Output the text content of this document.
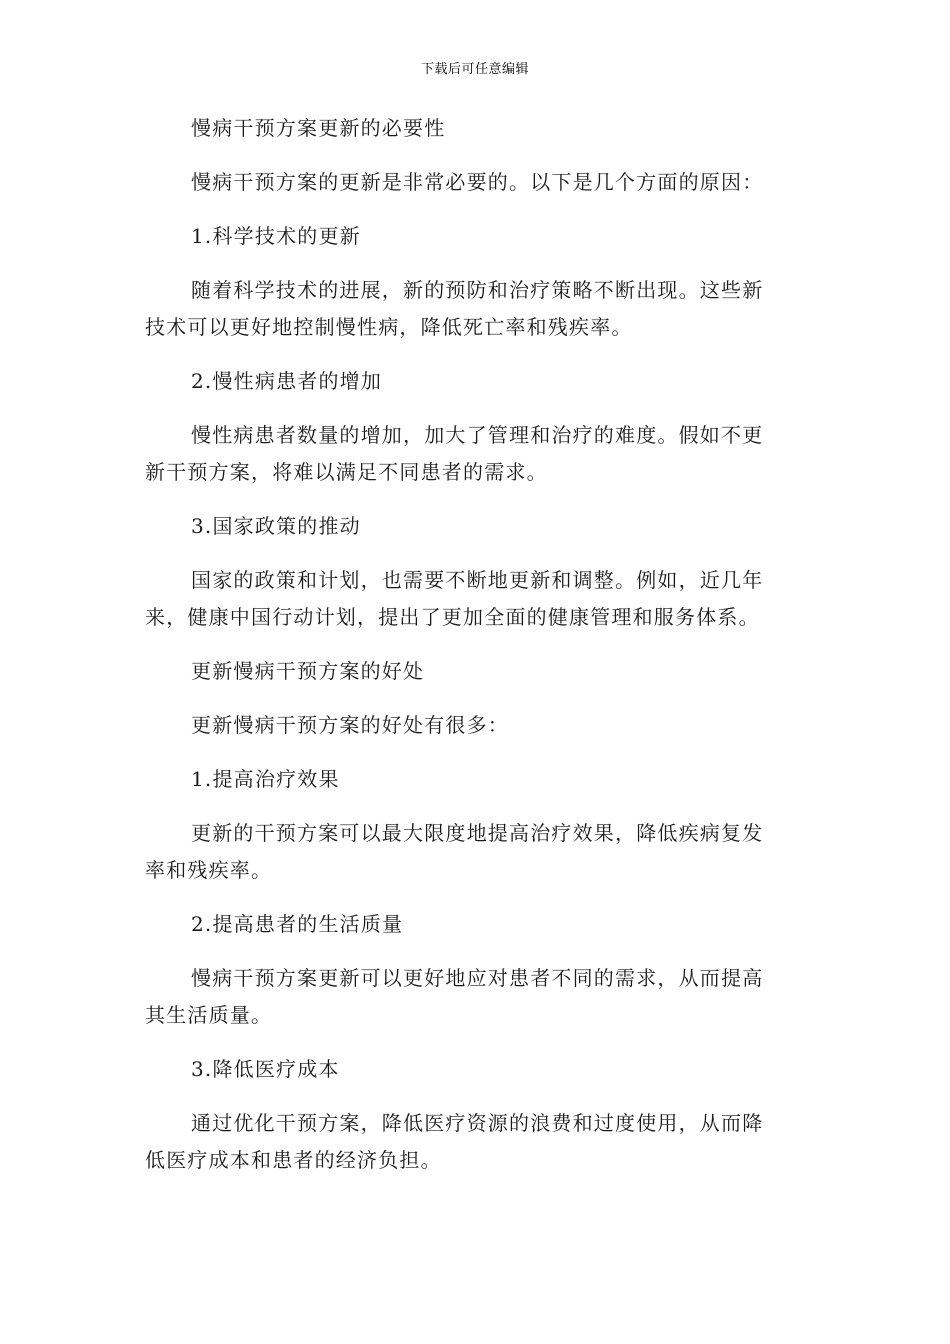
下载后可任意编辑
慢病干预方案更新的必要性
慢病干预方案的更新是非常必要的。以下是几个方面的原因：
1.科学技术的更新
随着科学技术的进展，新的预防和治疗策略不断出现。这些新
技术可以更好地控制慢性病，降低死亡率和残疾率。
2.慢性病患者的增加
慢性病患者数量的增加，加大了管理和治疗的难度。假如不更
新干预方案，将难以满足不同患者的需求。
3.国家政策的推动
国家的政策和计划，也需要不断地更新和调整。例如，近几年
来，健康中国行动计划，提出了更加全面的健康管理和服务体系。
更新慢病干预方案的好处
更新慢病干预方案的好处有很多：
1.提高治疗效果
更新的干预方案可以最大限度地提高治疗效果，降低疾病复发
率和残疾率。
2.提高患者的生活质量
慢病干预方案更新可以更好地应对患者不同的需求，从而提高
其生活质量。
3.降低医疗成本
通过优化干预方案，降低医疗资源的浪费和过度使用，从而降
低医疗成本和患者的经济负担。
